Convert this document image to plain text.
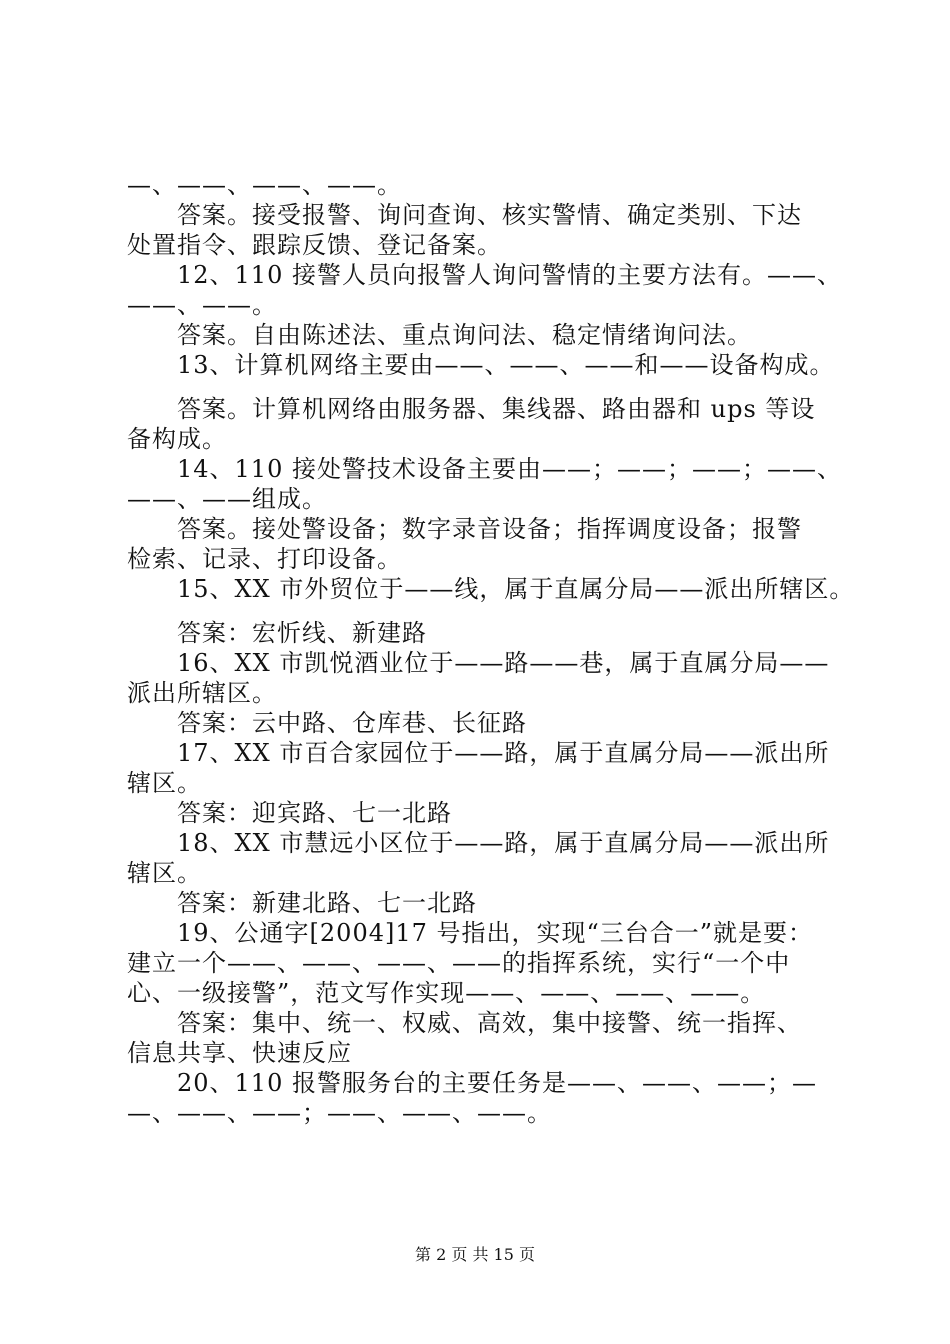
—、——、——、——。
答案。接受报警、询问查询、核实警情、确定类别、下达
处置指令、跟踪反馈、登记备案。
12、110 接警人员向报警人询问警情的主要方法有。——、
——、——。
答案。自由陈述法、重点询问法、稳定情绪询问法。
13、计算机网络主要由——、——、——和——设备构成。
答案。计算机网络由服务器、集线器、路由器和 ups 等设
备构成。
14、110 接处警技术设备主要由——；——；——；——、
——、——组成。
答案。接处警设备；数字录音设备；指挥调度设备；报警
检索、记录、打印设备。
15、XX 市外贸位于——线，属于直属分局——派出所辖区。
答案：宏忻线、新建路
16、XX 市凯悦酒业位于——路——巷，属于直属分局——
派出所辖区。
答案：云中路、仓库巷、长征路
17、XX 市百合家园位于——路，属于直属分局——派出所
辖区。
答案：迎宾路、七一北路
18、XX 市慧远小区位于——路，属于直属分局——派出所
辖区。
答案：新建北路、七一北路
19、公通字[2004]17 号指出，实现“三台合一”就是要：
建立一个——、——、——、——的指挥系统，实行“一个中
心、一级接警”，范文写作实现——、——、——、——。
答案：集中、统一、权威、高效，集中接警、统一指挥、
信息共享、快速反应
20、110 报警服务台的主要任务是——、——、——；—
—、——、——；——、——、——。
第 2 页 共 15 页
